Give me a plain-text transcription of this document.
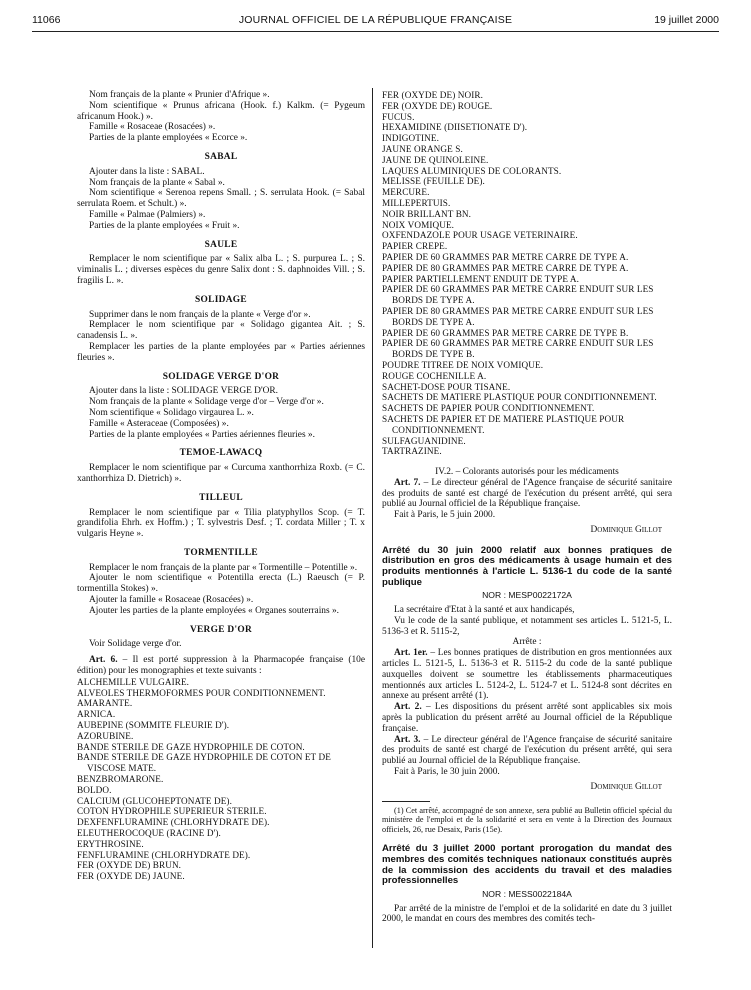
11066	JOURNAL OFFICIEL DE LA RÉPUBLIQUE FRANÇAISE	19 juillet 2000

Nom français de la plante « Prunier d'Afrique ».

Nom scientifique « Prunus africana (Hook. f.) Kalkm. (= Pygeum africanum Hook.) ».

Famille « Rosaceae (Rosacées) ».

Parties de la plante employées « Ecorce ».

SABAL

Ajouter dans la liste : SABAL.

Nom français de la plante « Sabal ».

Nom scientifique « Serenoa repens Small. ; S. serrulata Hook. (= Sabal serrulata Roem. et Schult.) ».

Famille « Palmae (Palmiers) ».

Parties de la plante employées « Fruit ».

SAULE

Remplacer le nom scientifique par « Salix alba L. ; S. purpurea L. ; S. viminalis L. ; diverses espèces du genre Salix dont : S. daphnoides Vill. ; S. fragilis L. ».

SOLIDAGE

Supprimer dans le nom français de la plante « Verge d'or ».

Remplacer le nom scientifique par « Solidago gigantea Ait. ; S. canadensis L. ».

Remplacer les parties de la plante employées par « Parties aériennes fleuries ».

SOLIDAGE VERGE D'OR

Ajouter dans la liste : SOLIDAGE VERGE D'OR.

Nom français de la plante « Solidage verge d'or – Verge d'or ».

Nom scientifique « Solidago virgaurea L. ».

Famille « Asteraceae (Composées) ».

Parties de la plante employées « Parties aériennes fleuries ».

TEMOE-LAWACQ

Remplacer le nom scientifique par « Curcuma xanthorrhiza Roxb. (= C. xanthorrhiza D. Dietrich) ».

TILLEUL

Remplacer le nom scientifique par « Tilia platyphyllos Scop. (= T. grandifolia Ehrh. ex Hoffm.) ; T. sylvestris Desf. ; T. cordata Miller ; T. x vulgaris Heyne ».

TORMENTILLE

Remplacer le nom français de la plante par « Tormentille – Potentille ».

Ajouter le nom scientifique « Potentilla erecta (L.) Raeusch (= P. tormentilla Stokes) ».

Ajouter la famille « Rosaceae (Rosacées) ».

Ajouter les parties de la plante employées « Organes souterrains ».

VERGE D'OR

Voir Solidage verge d'or.

Art. 6. – Il est porté suppression à la Pharmacopée française (10e édition) pour les monographies et texte suivants :

ALCHEMILLE VULGAIRE.
ALVEOLES THERMOFORMES POUR CONDITIONNEMENT.
AMARANTE.
ARNICA.
AUBEPINE (SOMMITE FLEURIE D').
AZORUBINE.
BANDE STERILE DE GAZE HYDROPHILE DE COTON.
BANDE STERILE DE GAZE HYDROPHILE DE COTON ET DE VISCOSE MATE.
BENZBROMARONE.
BOLDO.
CALCIUM (GLUCOHEPTONATE DE).
COTON HYDROPHILE SUPERIEUR STERILE.
DEXFENFLURAMINE (CHLORHYDRATE DE).
ELEUTHEROCOQUE (RACINE D').
ERYTHROSINE.
FENFLURAMINE (CHLORHYDRATE DE).
FER (OXYDE DE) BRUN.
FER (OXYDE DE) JAUNE.
FER (OXYDE DE) NOIR.
FER (OXYDE DE) ROUGE.
FUCUS.
HEXAMIDINE (DIISETIONATE D').
INDIGOTINE.
JAUNE ORANGE S.
JAUNE DE QUINOLEINE.
LAQUES ALUMINIQUES DE COLORANTS.
MELISSE (FEUILLE DE).
MERCURE.
MILLEPERTUIS.
NOIR BRILLANT BN.
NOIX VOMIQUE.
OXFENDAZOLE POUR USAGE VETERINAIRE.
PAPIER CREPE.
PAPIER DE 60 GRAMMES PAR METRE CARRE DE TYPE A.
PAPIER DE 80 GRAMMES PAR METRE CARRE DE TYPE A.
PAPIER PARTIELLEMENT ENDUIT DE TYPE A.
PAPIER DE 60 GRAMMES PAR METRE CARRE ENDUIT SUR LES BORDS DE TYPE A.
PAPIER DE 80 GRAMMES PAR METRE CARRE ENDUIT SUR LES BORDS DE TYPE A.
PAPIER DE 60 GRAMMES PAR METRE CARRE DE TYPE B.
PAPIER DE 60 GRAMMES PAR METRE CARRE ENDUIT SUR LES BORDS DE TYPE B.
POUDRE TITREE DE NOIX VOMIQUE.
ROUGE COCHENILLE A.
SACHET-DOSE POUR TISANE.
SACHETS DE MATIERE PLASTIQUE POUR CONDITIONNEMENT.
SACHETS DE PAPIER POUR CONDITIONNEMENT.
SACHETS DE PAPIER ET DE MATIERE PLASTIQUE POUR CONDITIONNEMENT.
SULFAGUANIDINE.
TARTRAZINE.

IV.2. – Colorants autorisés pour les médicaments

Art. 7. – Le directeur général de l'Agence française de sécurité sanitaire des produits de santé est chargé de l'exécution du présent arrêté, qui sera publié au Journal officiel de la République française.

Fait à Paris, le 5 juin 2000.

Dominique Gillot

Arrêté du 30 juin 2000 relatif aux bonnes pratiques de distribution en gros des médicaments à usage humain et des produits mentionnés à l'article L. 5136-1 du code de la santé publique

NOR : MESP0022172A

La secrétaire d'Etat à la santé et aux handicapés,

Vu le code de la santé publique, et notamment ses articles L. 5121-5, L. 5136-3 et R. 5115-2,

Arrête :

Art. 1er. – Les bonnes pratiques de distribution en gros mentionnées aux articles L. 5121-5, L. 5136-3 et R. 5115-2 du code de la santé publique auxquelles doivent se soumettre les établissements pharmaceutiques mentionnés aux articles L. 5124-2, L. 5124-7 et L. 5124-8 sont décrites en annexe au présent arrêté (1).

Art. 2. – Les dispositions du présent arrêté sont applicables six mois après la publication du présent arrêté au Journal officiel de la République française.

Art. 3. – Le directeur général de l'Agence française de sécurité sanitaire des produits de santé est chargé de l'exécution du présent arrêté, qui sera publié au Journal officiel de la République française.

Fait à Paris, le 30 juin 2000.

Dominique Gillot

(1) Cet arrêté, accompagné de son annexe, sera publié au Bulletin officiel spécial du ministère de l'emploi et de la solidarité et sera en vente à la Direction des Journaux officiels, 26, rue Desaix, Paris (15e).

Arrêté du 3 juillet 2000 portant prorogation du mandat des membres des comités techniques nationaux constitués auprès de la commission des accidents du travail et des maladies professionnelles

NOR : MESS0022184A

Par arrêté de la ministre de l'emploi et de la solidarité en date du 3 juillet 2000, le mandat en cours des membres des comités tech-
